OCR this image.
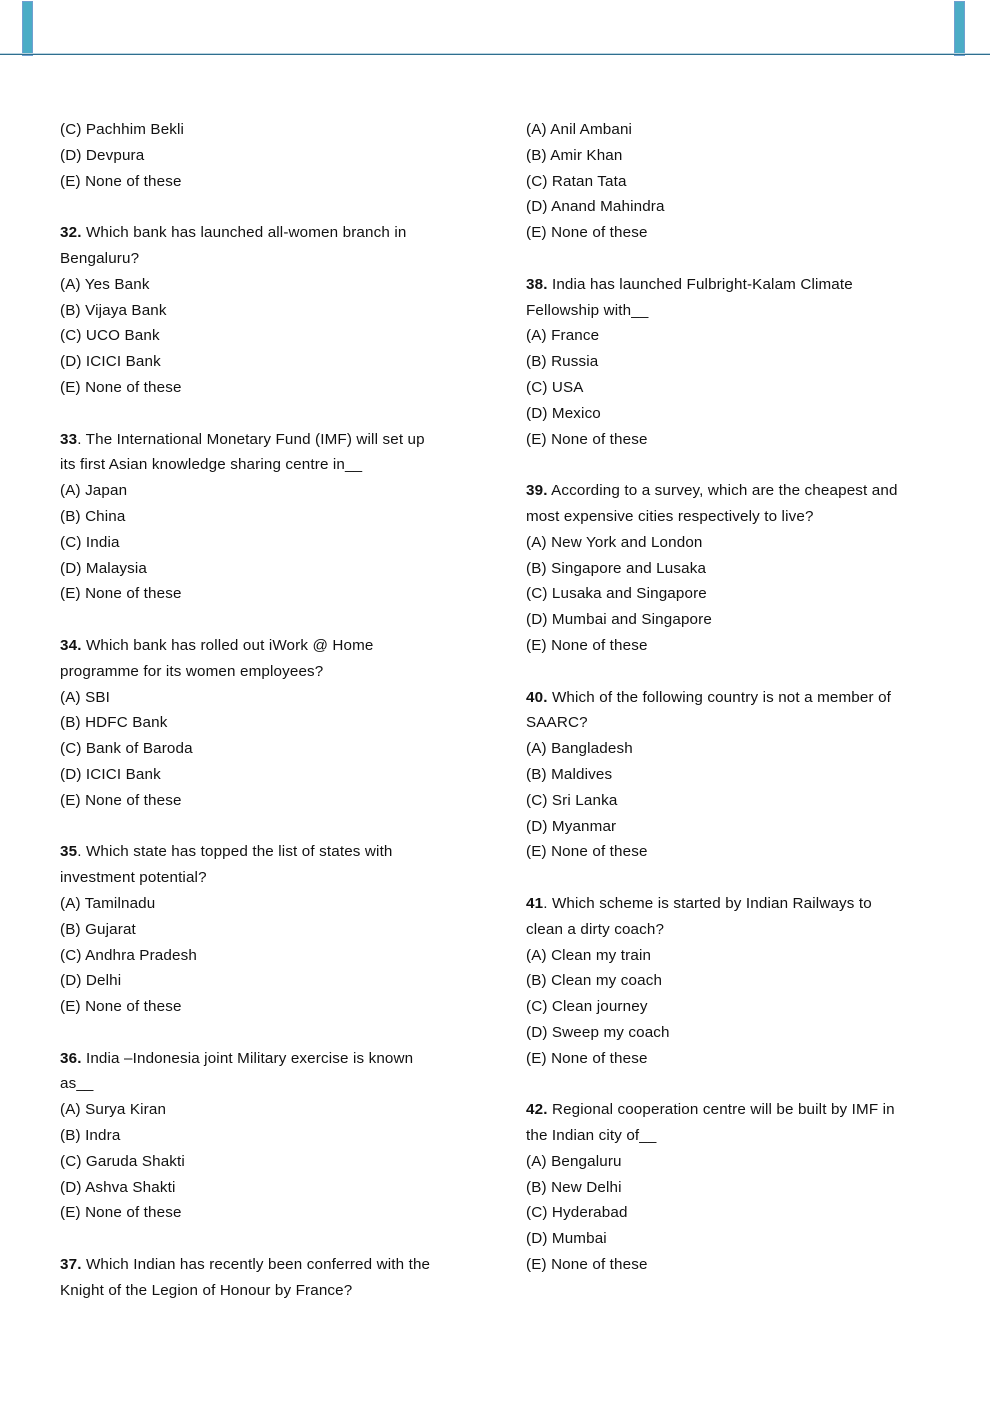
(C) Pachhim Bekli
(D) Devpura
(E) None of these
32. Which bank has launched all-women branch in
Bengaluru?
(A) Yes Bank
(B) Vijaya Bank
(C) UCO Bank
(D) ICICI Bank
(E) None of these
33. The International Monetary Fund (IMF) will set up
its first Asian knowledge sharing centre in__
(A) Japan
(B) China
(C) India
(D) Malaysia
(E) None of these
34. Which bank has rolled out iWork @ Home
programme for its women employees?
(A) SBI
(B) HDFC Bank
(C) Bank of Baroda
(D) ICICI Bank
(E) None of these
35. Which state has topped the list of states with
investment potential?
(A) Tamilnadu
(B) Gujarat
(C) Andhra Pradesh
(D) Delhi
(E) None of these
36. India –Indonesia joint Military exercise is known
as__
(A) Surya Kiran
(B) Indra
(C) Garuda Shakti
(D) Ashva Shakti
(E) None of these
37. Which Indian has recently been conferred with the
Knight of the Legion of Honour by France?
(A) Anil Ambani
(B) Amir Khan
(C) Ratan Tata
(D) Anand Mahindra
(E) None of these
38. India has launched Fulbright-Kalam Climate
Fellowship with__
(A) France
(B) Russia
(C) USA
(D) Mexico
(E) None of these
39. According to a survey, which are the cheapest and
most expensive cities respectively to live?
(A) New York and London
(B) Singapore and Lusaka
(C) Lusaka and Singapore
(D) Mumbai and Singapore
(E) None of these
40. Which of the following country is not a member of
SAARC?
(A) Bangladesh
(B) Maldives
(C) Sri Lanka
(D) Myanmar
(E) None of these
41. Which scheme is started by Indian Railways to
clean a dirty coach?
(A) Clean my train
(B) Clean my coach
(C) Clean journey
(D) Sweep my coach
(E) None of these
42. Regional cooperation centre will be built by IMF in
the Indian city of__
(A) Bengaluru
(B) New Delhi
(C) Hyderabad
(D) Mumbai
(E) None of these
